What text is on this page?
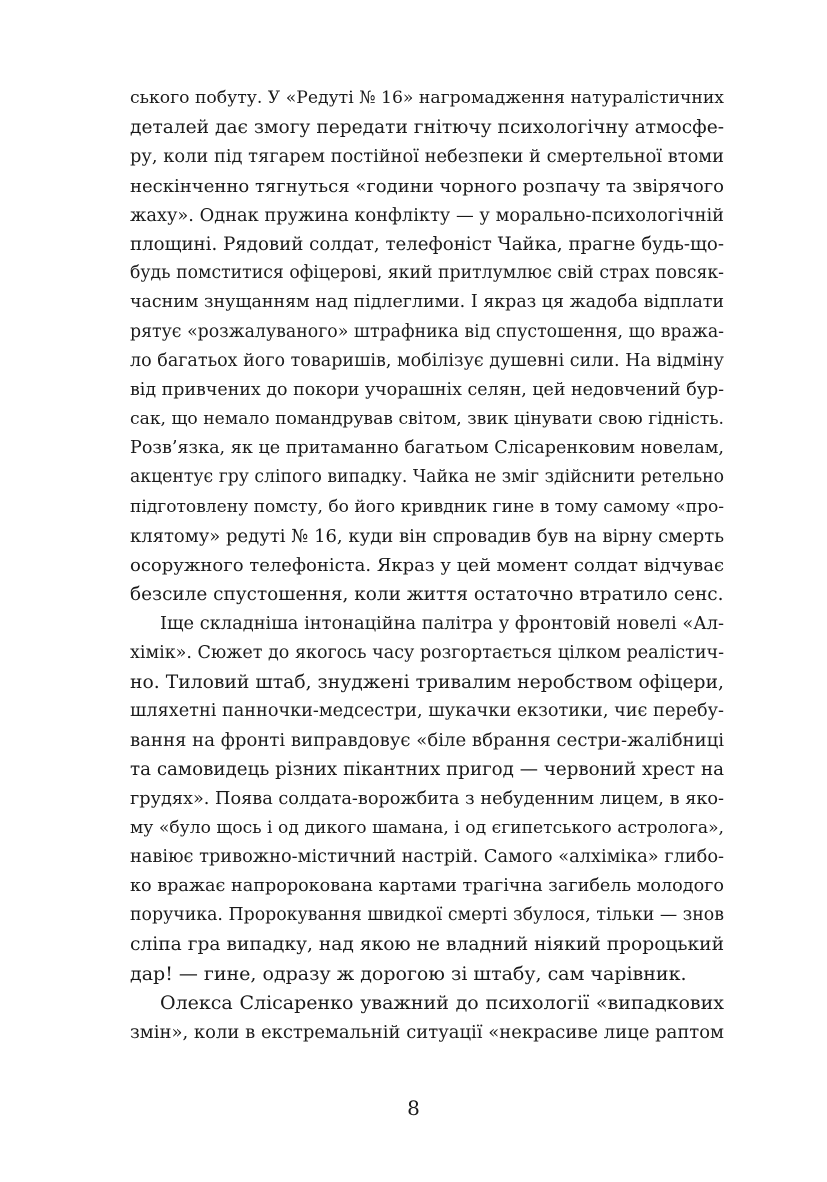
ського побуту. У «Редуті № 16» нагромадження натуралістичних
деталей дає змогу передати гнітючу психологічну атмосфе-
ру, коли під тягарем постійної небезпеки й смертельної втоми
нескінченно тягнуться «години чорного розпачу та звірячого
жаху». Однак пружина конфлікту — у морально-психологічній
площині. Рядовий солдат, телефоніст Чайка, прагне будь-що-
будь помститися офіцерові, який притлумлює свій страх повсяк-
часним знущанням над підлеглими. І якраз ця жадоба відплати
рятує «розжалуваного» штрафника від спустошення, що вража-
ло багатьох його товаришів, мобілізує душевні сили. На відміну
від привчених до покори учорашніх селян, цей недовчений бур-
сак, що немало помандрував світом, звик цінувати свою гідність.
Розв’язка, як це притаманно багатьом Слісаренковим новелам,
акцентує гру сліпого випадку. Чайка не зміг здійснити ретельно
підготовлену помсту, бо його кривдник гине в тому самому «про-
клятому» редуті № 16, куди він спровадив був на вірну смерть
осоружного телефоніста. Якраз у цей момент солдат відчуває
безсиле спустошення, коли життя остаточно втратило сенс.
Іще складніша інтонаційна палітра у фронтовій новелі «Ал-
хімік». Сюжет до якогось часу розгортається цілком реалістич-
но. Тиловий штаб, знуджені тривалим неробством офіцери,
шляхетні панночки-медсестри, шукачки екзотики, чиє перебу-
вання на фронті виправдовує «біле вбрання сестри-жалібниці
та самовидець різних пікантних пригод — червоний хрест на
грудях». Поява солдата-ворожбита з небуденним лицем, в яко-
му «було щось і од дикого шамана, і од єгипетського астролога»,
навіює тривожно-містичний настрій. Самого «алхіміка» глибо-
ко вражає напророкована картами трагічна загибель молодого
поручика. Пророкування швидкої смерті збулося, тільки — знов
сліпа гра випадку, над якою не владний ніякий пророцький
дар! — гине, одразу ж дорогою зі штабу, сам чарівник.
Олекса Слісаренко уважний до психології «випадкових
змін», коли в екстремальній ситуації «некрасиве лице раптом
8
